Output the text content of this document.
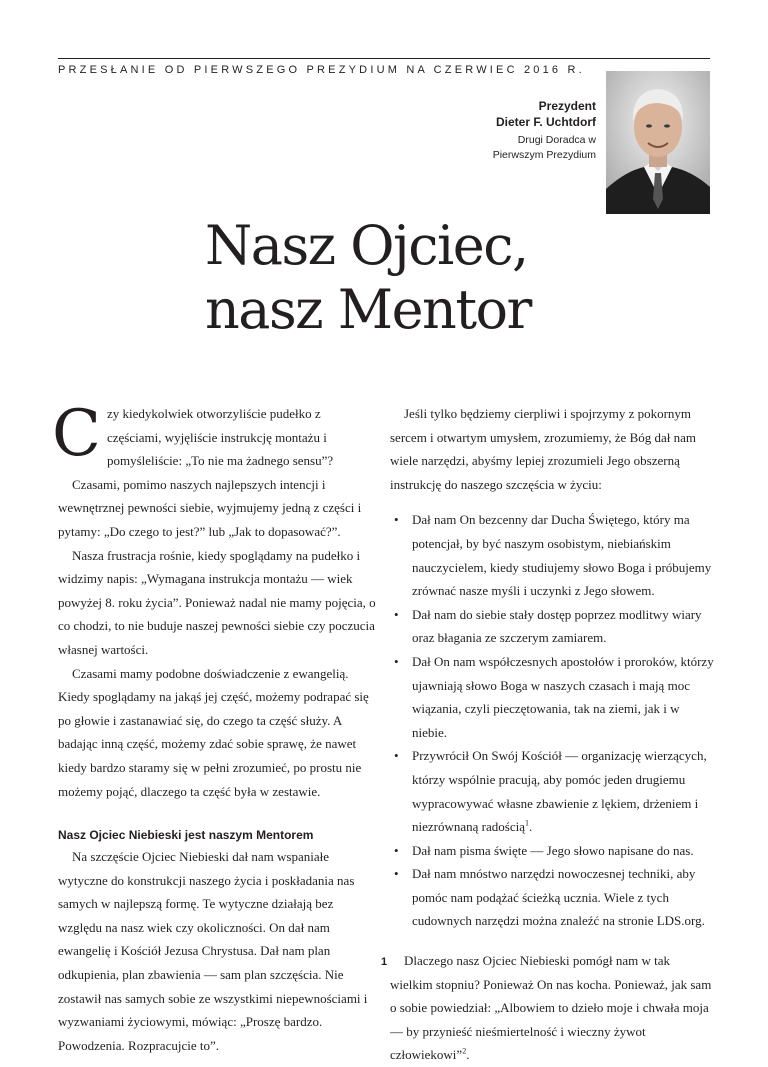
PRZESŁANIE OD PIERWSZEGO PREZYDIUM NA CZERWIEC 2016 R.
Prezydent
Dieter F. Uchtdorf
Drugi Doradca w
Pierwszym Prezydium
Nasz Ojciec,
nasz Mentor
C zy kiedykolwiek otworzyliście pudełko z częściami, wyjęliście instrukcję montażu i pomyśleliście: „To nie ma żadnego sensu”?

Czasami, pomimo naszych najlepszych intencji i wewnętrznej pewności siebie, wyjmujemy jedną z części i pytamy: „Do czego to jest?” lub „Jak to dopasować?”.

Nasza frustracja rośnie, kiedy spoglądamy na pudełko i widzimy napis: „Wymagana instrukcja montażu — wiek powyżej 8. roku życia”. Ponieważ nadal nie mamy pojęcia, o co chodzi, to nie buduje naszej pewności siebie czy poczucia własnej wartości.

Czasami mamy podobne doświadczenie z ewangelią. Kiedy spoglądamy na jakąś jej część, możemy podrapać się po głowie i zastanawiać się, do czego ta część służy. A badając inną część, możemy zdać sobie sprawę, że nawet kiedy bardzo staramy się w pełni zrozumieć, po prostu nie możemy pojąć, dlaczego ta część była w zestawie.

Nasz Ojciec Niebieski jest naszym Mentorem

Na szczęście Ojciec Niebieski dał nam wspaniałe wytyczne do konstrukcji naszego życia i poskładania nas samych w najlepszą formę. Te wytyczne działają bez względu na nasz wiek czy okoliczności. On dał nam ewangelię i Kościół Jezusa Chrystusa. Dał nam plan odkupienia, plan zbawienia — sam plan szczęścia. Nie zostawił nas samych sobie ze wszystkimi niepewnościami i wyzwaniami życiowymi, mówiąc: „Proszę bardzo. Powodzenia. Rozpracujcie to”.

Jeśli tylko będziemy cierpliwi i spojrzymy z pokornym sercem i otwartym umysłem, zrozumiemy, że Bóg dał nam wiele narzędzi, abyśmy lepiej zrozumieli Jego obszerną instrukcję do naszego szczęścia w życiu:

• Dał nam On bezcenny dar Ducha Świętego, który ma potencjał, by być naszym osobistym, niebiańskim nauczycielem, kiedy studiujemy słowo Boga i próbujemy zrównać nasze myśli i uczynki z Jego słowem.
• Dał nam do siebie stały dostęp poprzez modlitwy wiary oraz błagania ze szczerym zamiarem.
• Dał On nam współczesnych apostołów i proroków, którzy ujawniają słowo Boga w naszych czasach i mają moc wiązania, czyli pieczętowania, tak na ziemi, jak i w niebie.
• Przywrócił On Swój Kościół — organizację wierzących, którzy wspólnie pracują, aby pomóc jeden drugiemu wypracowywać własne zbawienie z lękiem, drżeniem i niezrównaną radością$^1$.
• Dał nam pisma święte — Jego słowo napisane do nas.
• Dał nam mnóstwo narzędzi nowoczesnej techniki, aby pomóc nam podążać ścieżką ucznia. Wiele z tych cudownych narzędzi można znaleźć na stronie LDS.org.

Dlaczego nasz Ojciec Niebieski pomógł nam w tak wielkim stopniu? Ponieważ On nas kocha. Ponieważ, jak sam o sobie powiedział: „Albowiem to dzieło moje i chwała moja — by przynieść nieśmiertelność i wieczny żywot człowiekowi”$^2$.

1
